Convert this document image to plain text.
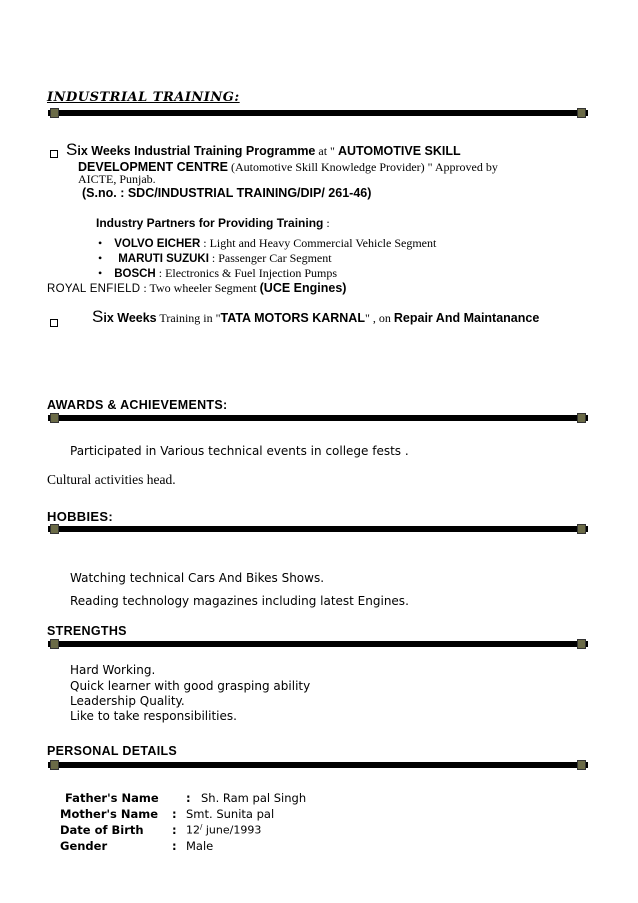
INDUSTRIAL TRAINING:
Six Weeks Industrial Training Programme at " AUTOMOTIVE SKILL
DEVELOPMENT CENTRE (Automotive Skill Knowledge Provider) " Approved by
AICTE, Punjab.
(S.no. : SDC/INDUSTRIAL TRAINING/DIP/ 261-46)
Industry Partners for Providing Training :
• VOLVO EICHER : Light and Heavy Commercial Vehicle Segment
• MARUTI SUZUKI : Passenger Car Segment
• BOSCH : Electronics & Fuel Injection Pumps
ROYAL ENFIELD : Two wheeler Segment (UCE Engines)
Six Weeks Training in "TATA MOTORS KARNAL" , on Repair And Maintanance
AWARDS & ACHIEVEMENTS:
Participated in Various technical events in college fests .
Cultural activities head.
HOBBIES:
Watching technical Cars And Bikes Shows.
Reading technology magazines including latest Engines.
STRENGTHS
Hard Working.
Quick learner with good grasping ability
Leadership Quality.
Like to take responsibilities.
PERSONAL DETAILS
Father's Name : Sh. Ram pal Singh
Mother's Name : Smt. Sunita pal
Date of Birth : 12/ june/1993
Gender	: Male
